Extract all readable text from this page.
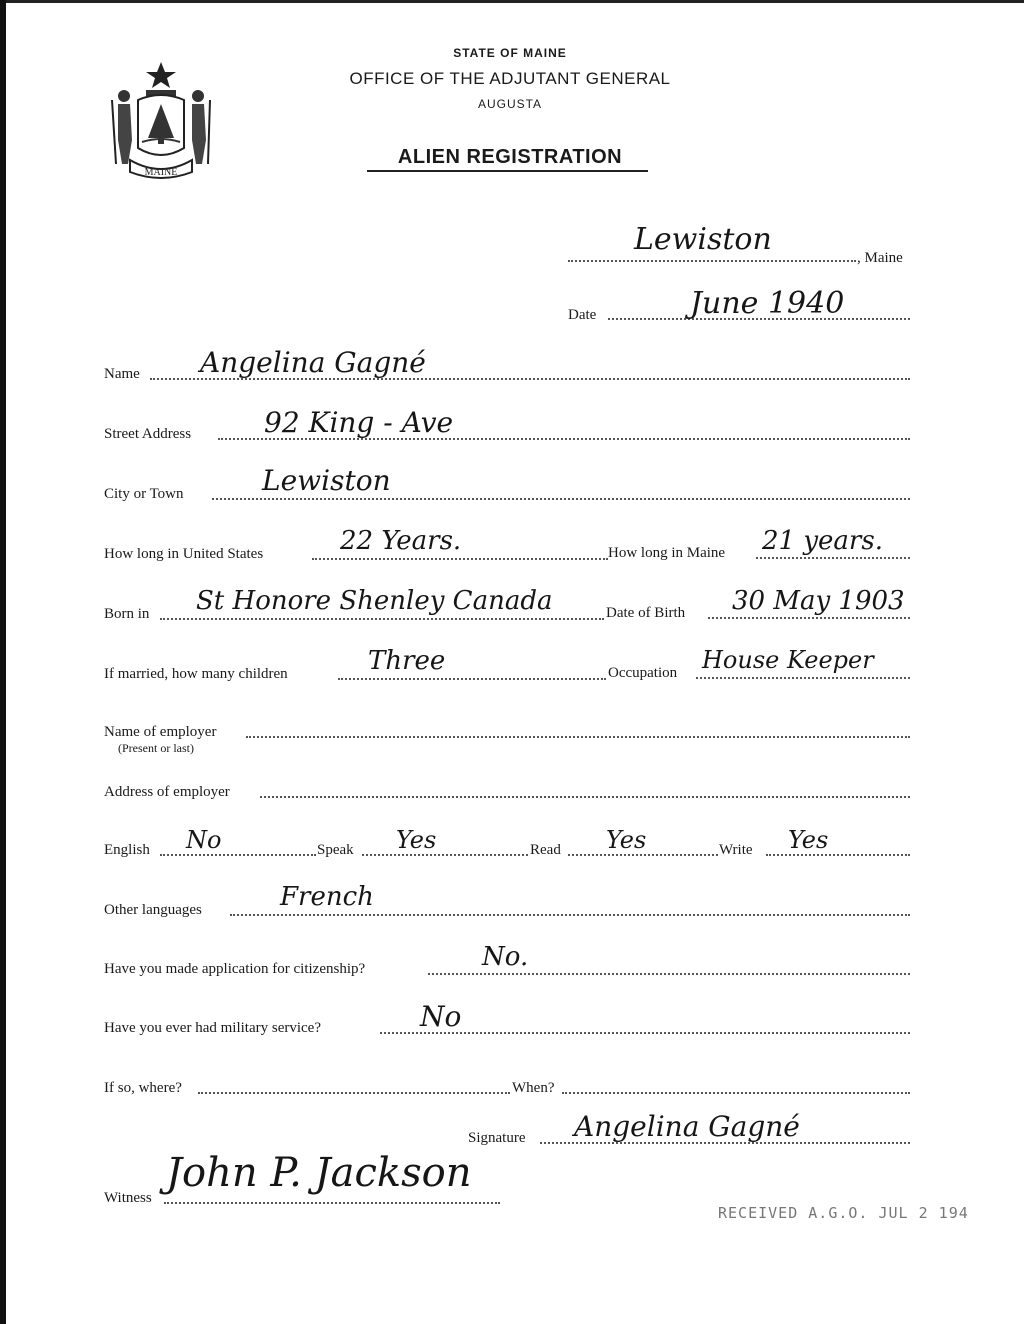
MAINE
STATE OF MAINE
OFFICE OF THE ADJUTANT GENERAL
AUGUSTA
ALIEN REGISTRATION
Lewiston
, Maine
Date	June 1940
Name Angelina Gagné
Street Address	92 King - Ave
City or Town	Lewiston
How long in United States	22 Years.	How long in Maine 21 years.
Born in St Honore Shenley Canada	Date of Birth 30 May 1903
If married, how many children	Three	Occupation House Keeper
Name of employer
(Present or last)
Address of employer
English No	Speak Yes	Read Yes	Write Yes
Other languages	French
Have you made application for citizenship?	No.
Have you ever had military service?	No
If so, where?	When?
Signature Angelina Gagné
Witness
John P. Jackson
RECEIVED A.G.O. JUL 2 194
